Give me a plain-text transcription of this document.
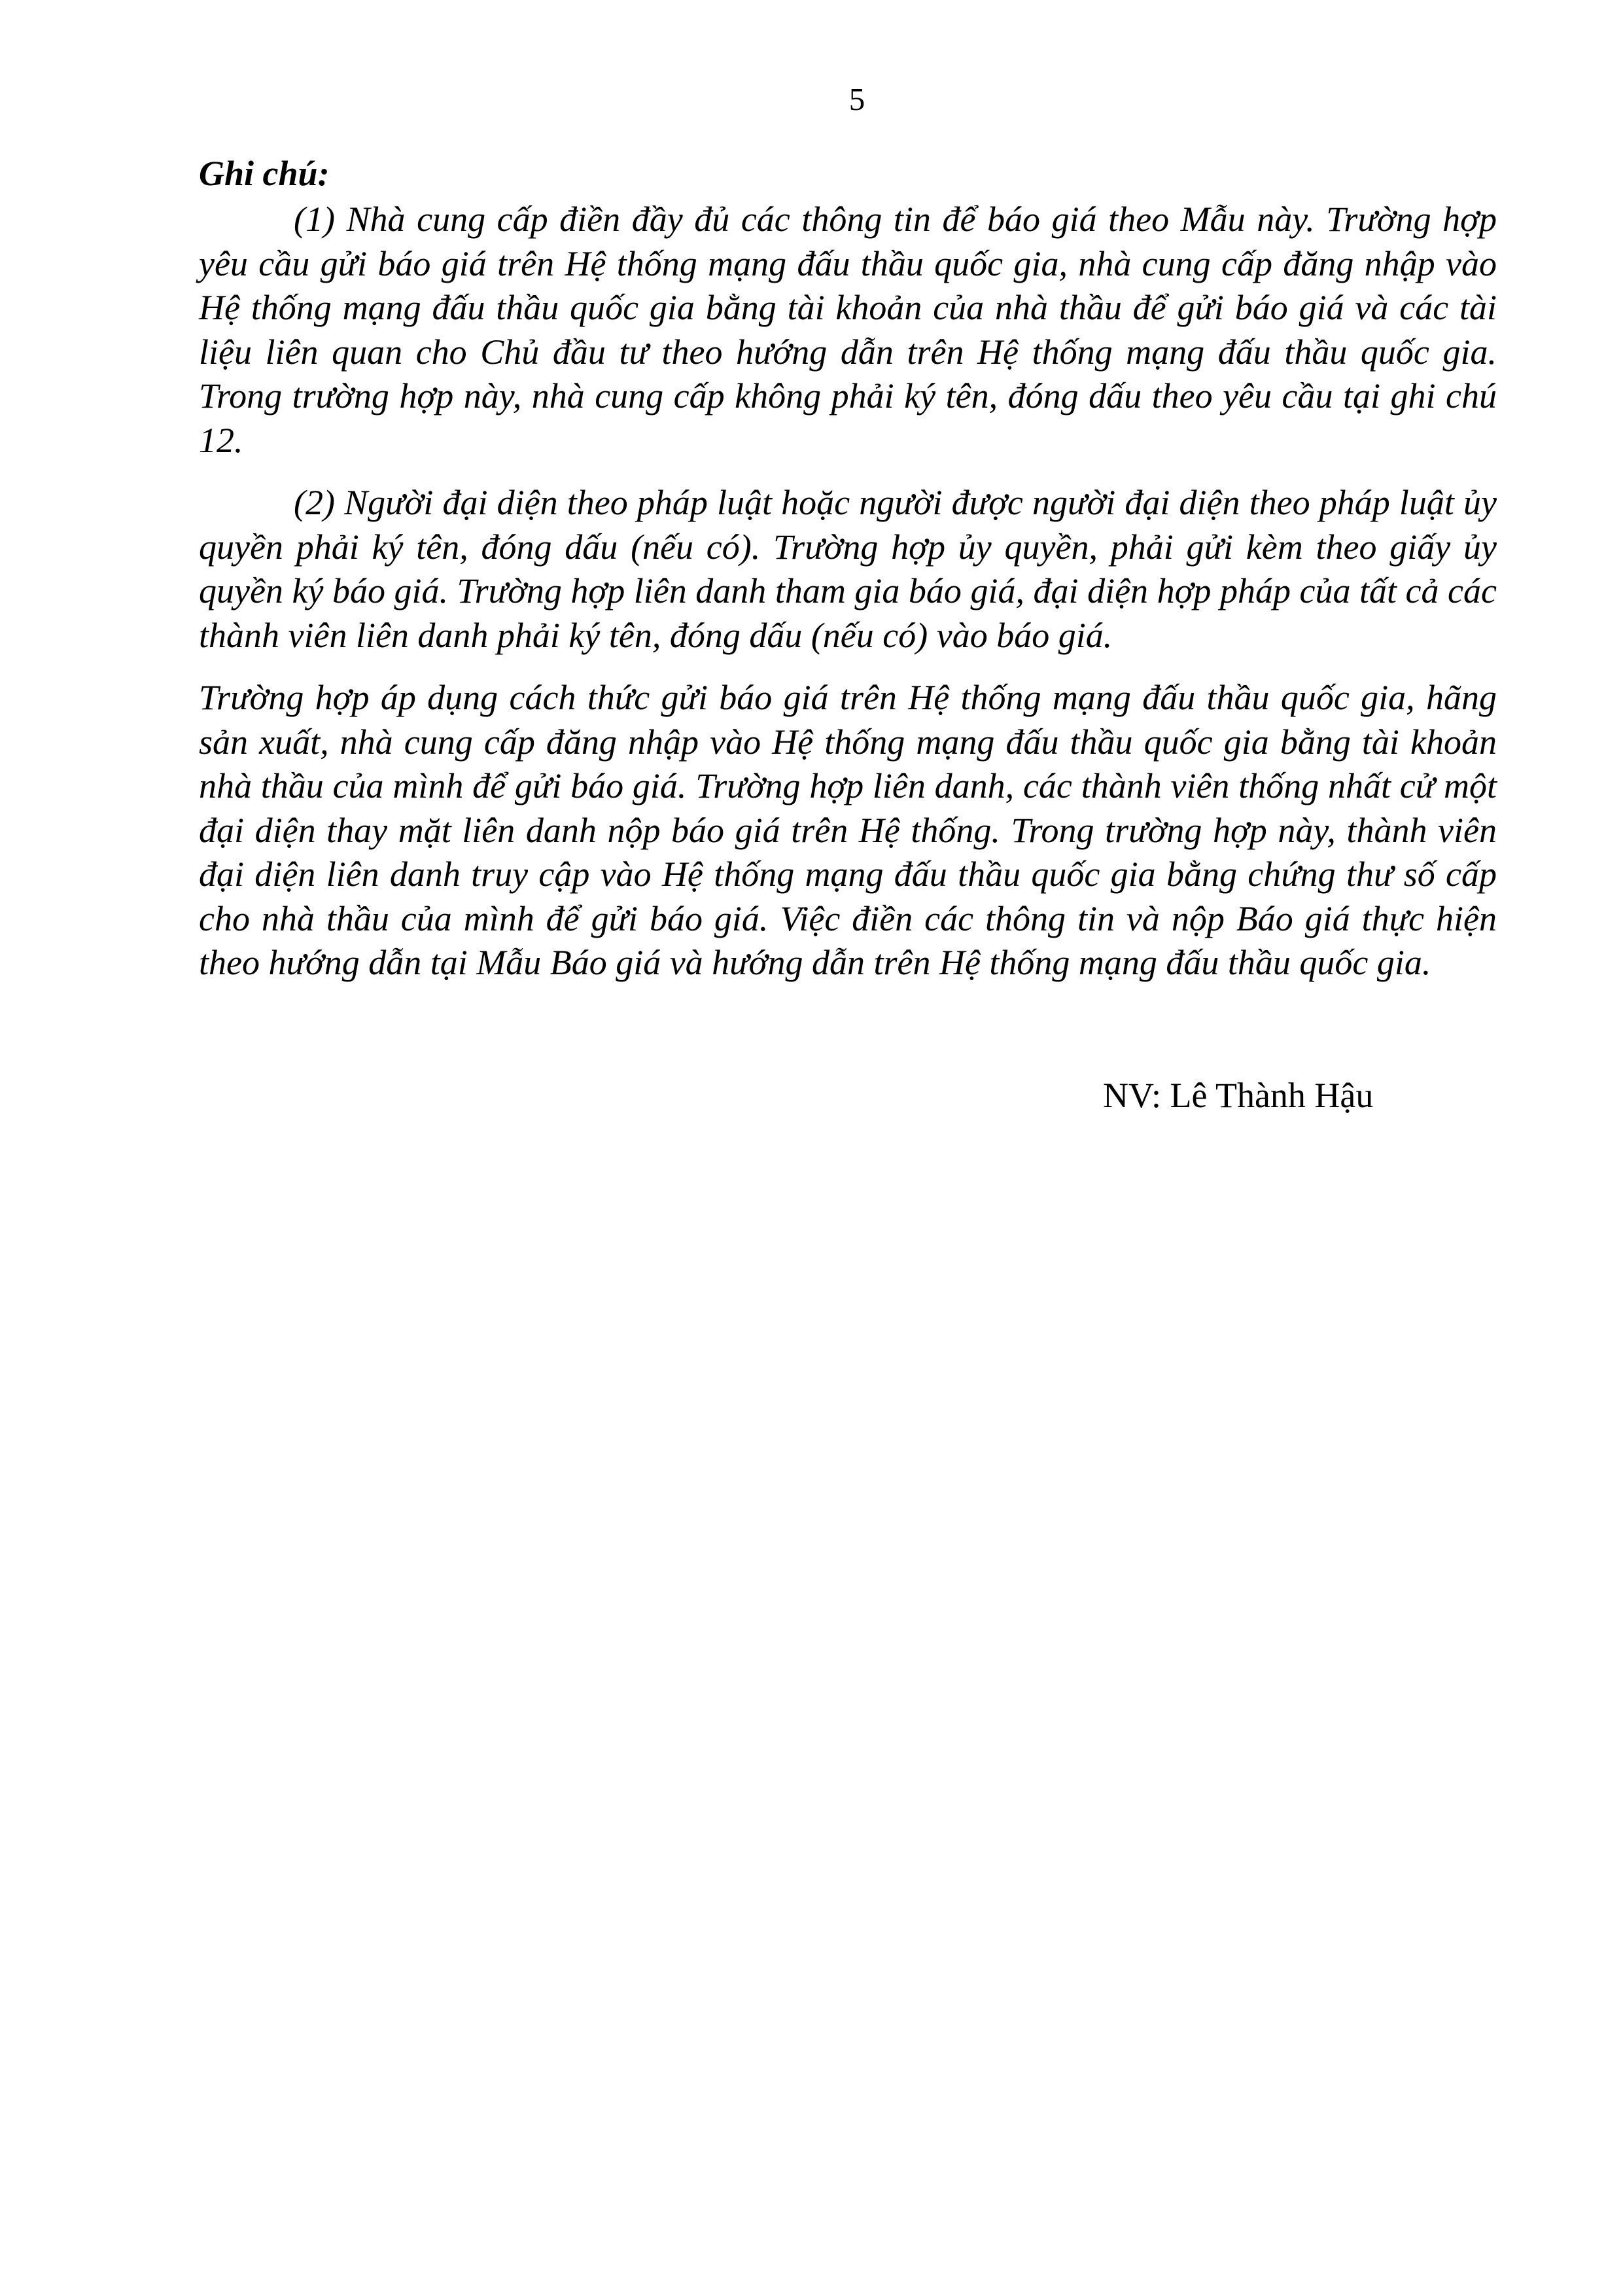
5

Ghi chú:

(1) Nhà cung cấp điền đầy đủ các thông tin để báo giá theo Mẫu này. Trường hợp yêu cầu gửi báo giá trên Hệ thống mạng đấu thầu quốc gia, nhà cung cấp đăng nhập vào Hệ thống mạng đấu thầu quốc gia bằng tài khoản của nhà thầu để gửi báo giá và các tài liệu liên quan cho Chủ đầu tư theo hướng dẫn trên Hệ thống mạng đấu thầu quốc gia. Trong trường hợp này, nhà cung cấp không phải ký tên, đóng dấu theo yêu cầu tại ghi chú 12.

(2) Người đại diện theo pháp luật hoặc người được người đại diện theo pháp luật ủy quyền phải ký tên, đóng dấu (nếu có). Trường hợp ủy quyền, phải gửi kèm theo giấy ủy quyền ký báo giá. Trường hợp liên danh tham gia báo giá, đại diện hợp pháp của tất cả các thành viên liên danh phải ký tên, đóng dấu (nếu có) vào báo giá.

Trường hợp áp dụng cách thức gửi báo giá trên Hệ thống mạng đấu thầu quốc gia, hãng sản xuất, nhà cung cấp đăng nhập vào Hệ thống mạng đấu thầu quốc gia bằng tài khoản nhà thầu của mình để gửi báo giá. Trường hợp liên danh, các thành viên thống nhất cử một đại diện thay mặt liên danh nộp báo giá trên Hệ thống. Trong trường hợp này, thành viên đại diện liên danh truy cập vào Hệ thống mạng đấu thầu quốc gia bằng chứng thư số cấp cho nhà thầu của mình để gửi báo giá. Việc điền các thông tin và nộp Báo giá thực hiện theo hướng dẫn tại Mẫu Báo giá và hướng dẫn trên Hệ thống mạng đấu thầu quốc gia.

NV: Lê Thành Hậu
